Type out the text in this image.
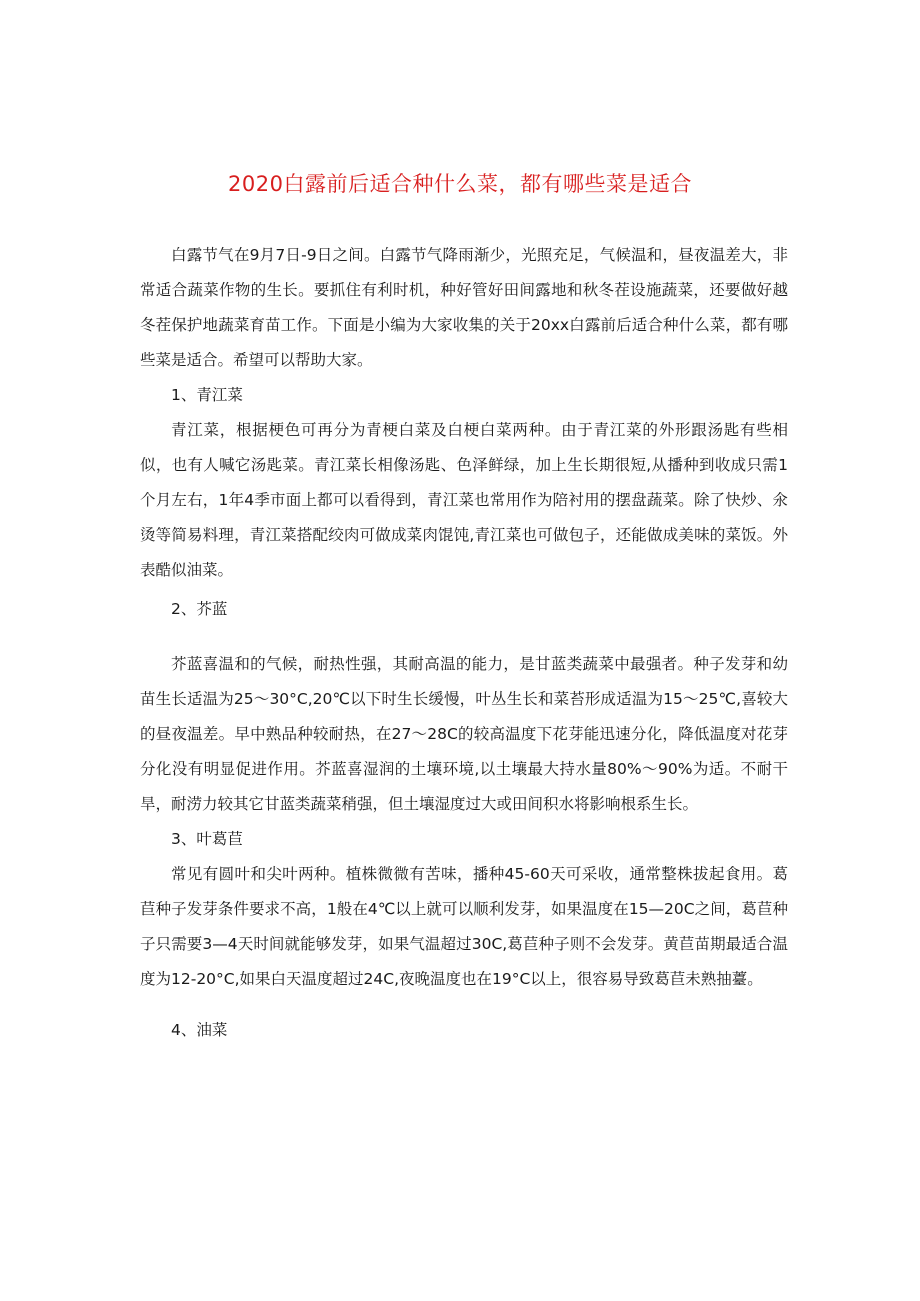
2020白露前后适合种什么菜，都有哪些菜是适合

白露节气在9月7日-9日之间。白露节气降雨渐少，光照充足，气候温和，昼夜温差大，非常适合蔬菜作物的生长。要抓住有利时机，种好管好田间露地和秋冬茬设施蔬菜，还要做好越冬茬保护地蔬菜育苗工作。下面是小编为大家收集的关于20xx白露前后适合种什么菜，都有哪些菜是适合。希望可以帮助大家。

1、青江菜

青江菜，根据梗色可再分为青梗白菜及白梗白菜两种。由于青江菜的外形跟汤匙有些相似，也有人喊它汤匙菜。青江菜长相像汤匙、色泽鲜绿，加上生长期很短,从播种到收成只需1个月左右，1年4季市面上都可以看得到，青江菜也常用作为陪衬用的摆盘蔬菜。除了快炒、氽烫等简易料理，青江菜搭配绞肉可做成菜肉馄饨,青江菜也可做包子，还能做成美味的菜饭。外表酷似油菜。

2、芥蓝

芥蓝喜温和的气候，耐热性强，其耐高温的能力，是甘蓝类蔬菜中最强者。种子发芽和幼苗生长适温为25～30°C,20℃以下时生长缓慢，叶丛生长和菜苔形成适温为15～25℃,喜较大的昼夜温差。早中熟品种较耐热，在27～28C的较高温度下花芽能迅速分化，降低温度对花芽分化没有明显促进作用。芥蓝喜湿润的土壤环境,以土壤最大持水量80%～90%为适。不耐干旱，耐涝力较其它甘蓝类蔬菜稍强，但土壤湿度过大或田间积水将影响根系生长。

3、叶葛苣

常见有圆叶和尖叶两种。植株微微有苦味，播种45-60天可采收，通常整株拔起食用。葛苣种子发芽条件要求不高，1般在4℃以上就可以顺利发芽，如果温度在15—20C之间，葛苣种子只需要3—4天时间就能够发芽，如果气温超过30C,葛苣种子则不会发芽。黄苣苗期最适合温度为12-20°C,如果白天温度超过24C,夜晚温度也在19°C以上，很容易导致葛苣未熟抽薹。

4、油菜
